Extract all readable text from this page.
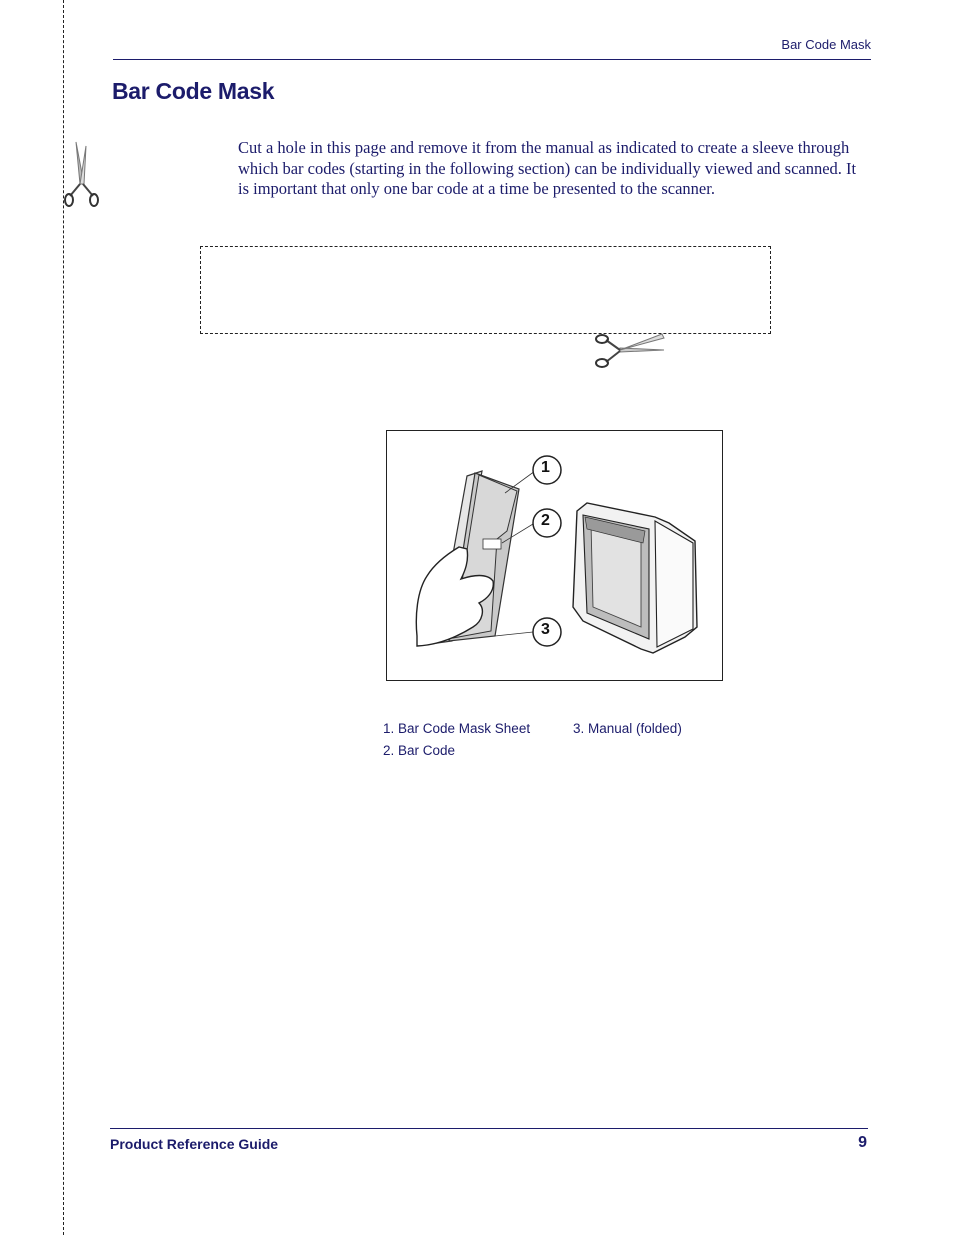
Bar Code Mask
Bar Code Mask

Cut a hole in this page and remove it from the manual as indicated to create a sleeve through which bar codes (starting in the following section) can be individually viewed and scanned. It is important that only one bar code at a time be presented to the scanner.

1
2
3
1. Bar Code Mask Sheet
2. Bar Code
3. Manual (folded)
Product Reference Guide	9
